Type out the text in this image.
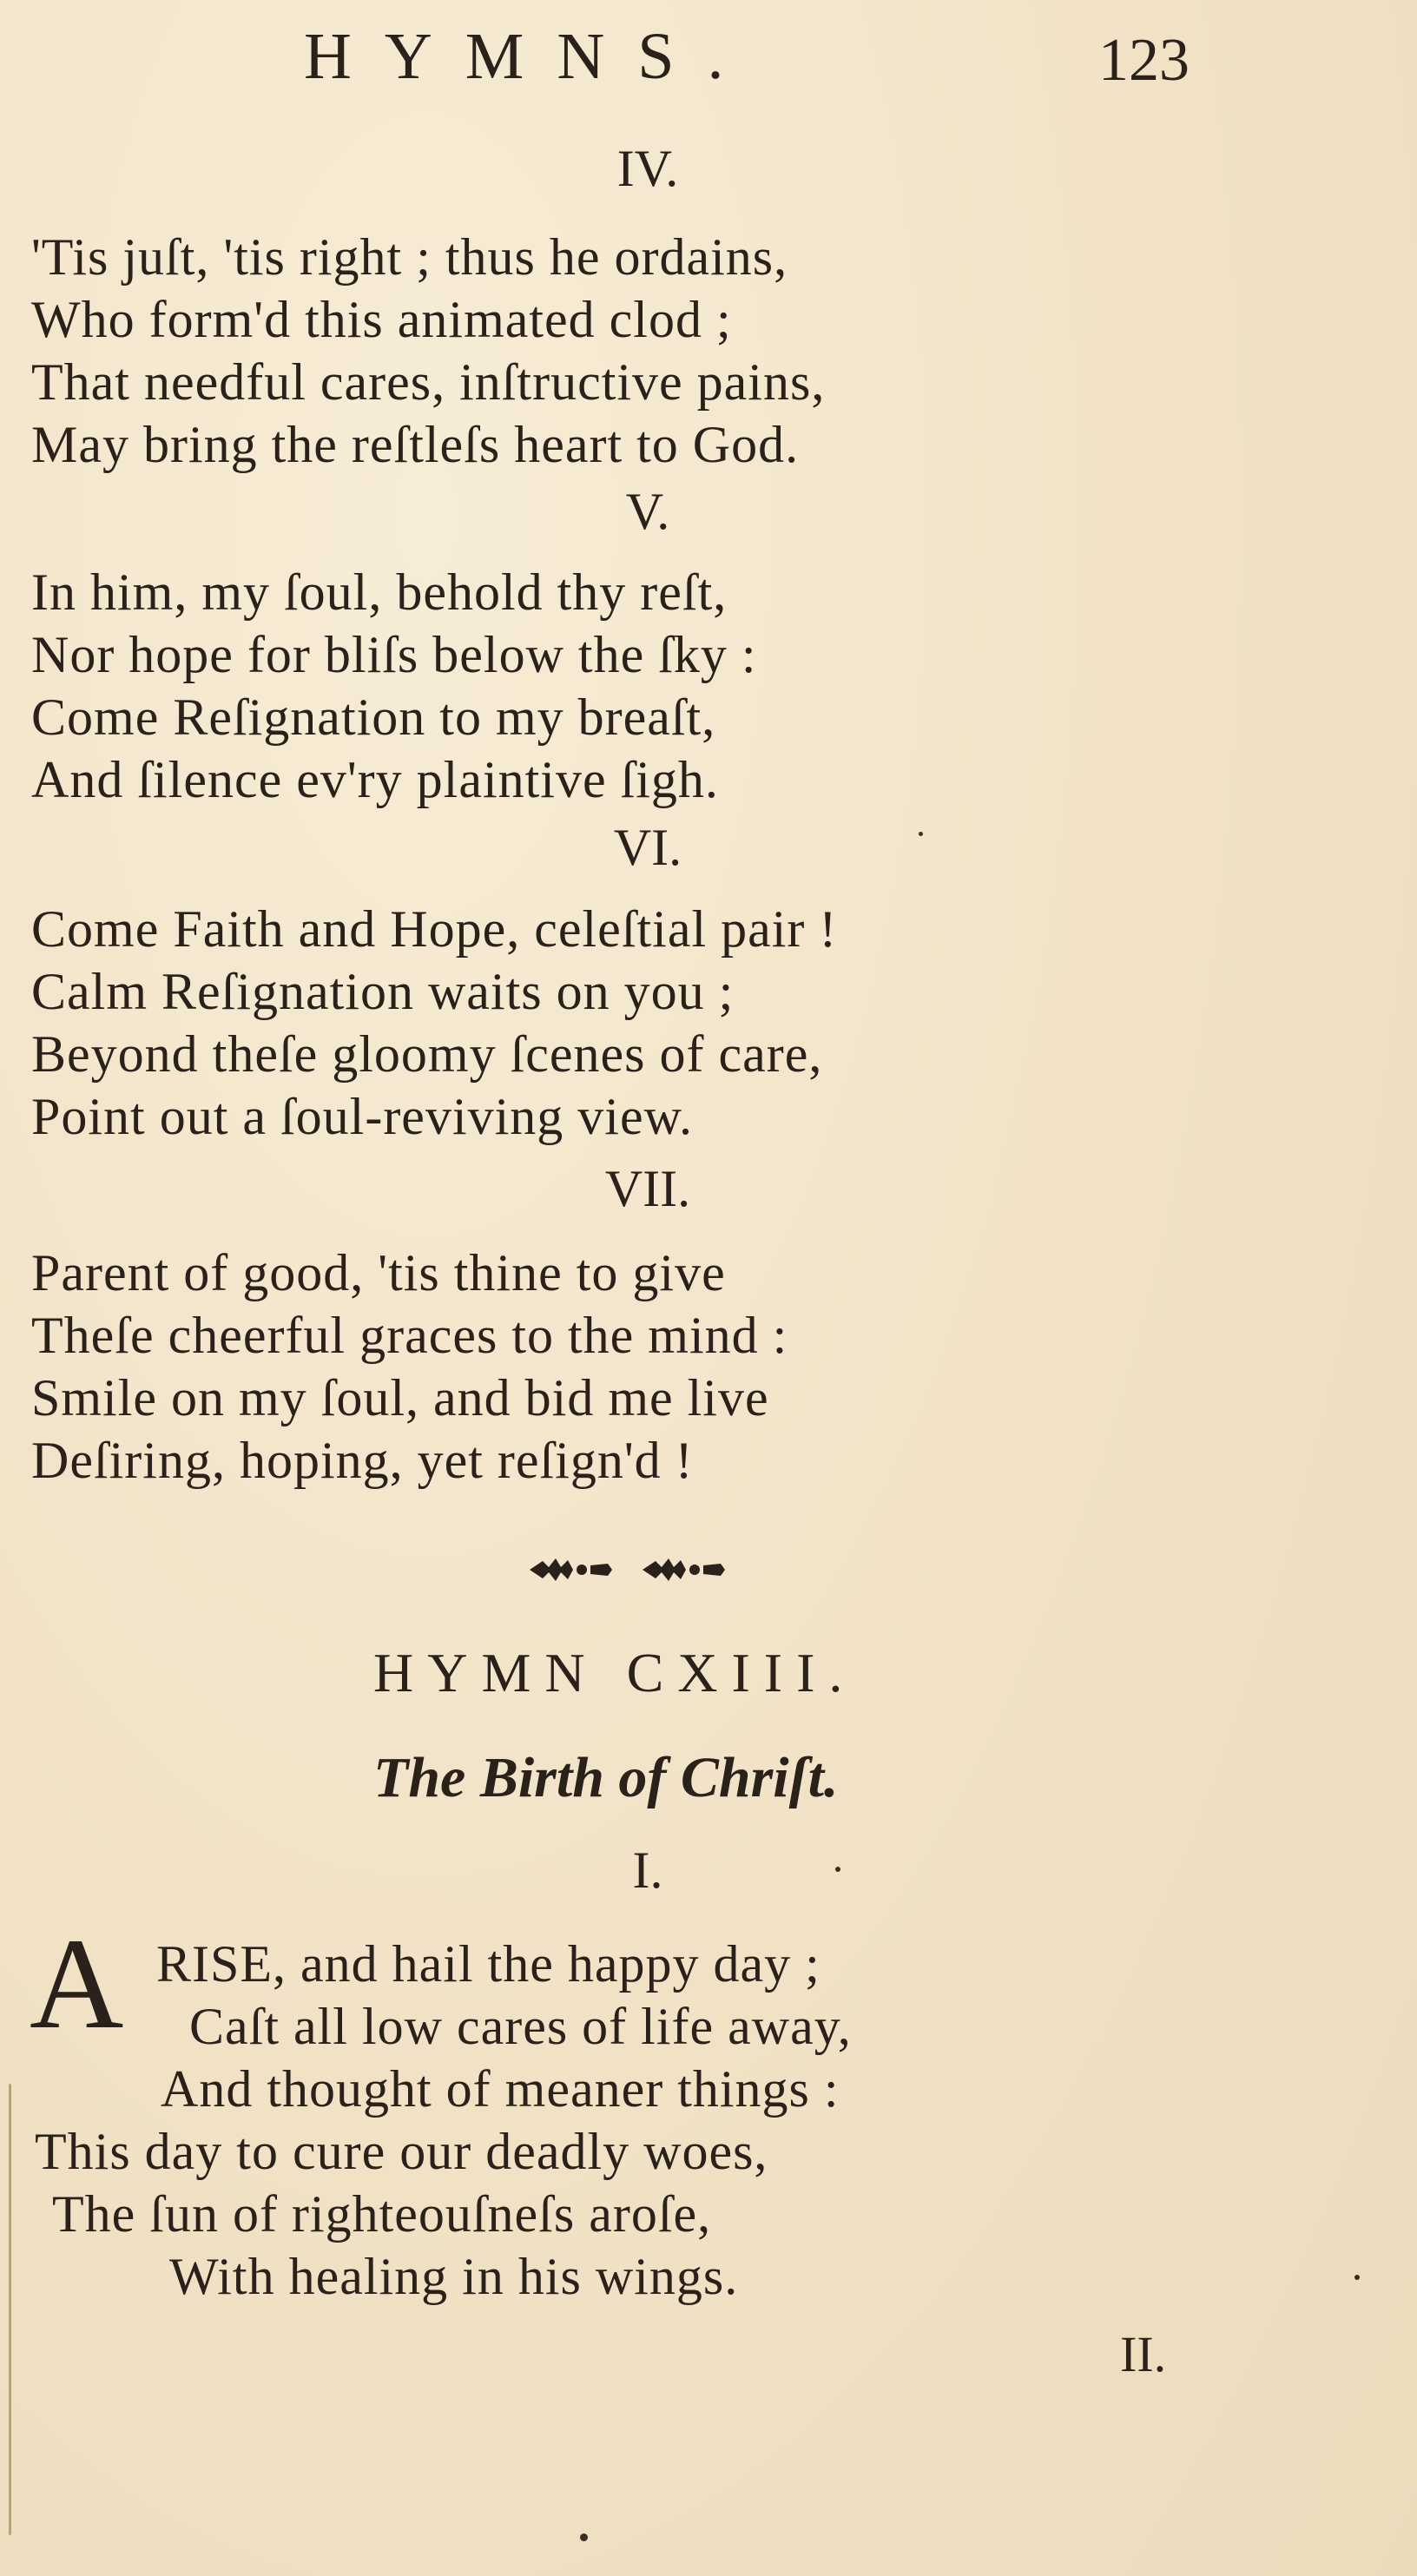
HYMNS.	123
IV.
'Tis juſt, 'tis right ; thus he ordains,
Who form'd this animated clod ;
That needful cares, inſtructive pains,
May bring the reſtleſs heart to God.
V.
In him, my ſoul, behold thy reſt,
Nor hope for bliſs below the ſky :
Come Reſignation to my breaſt,
And ſilence ev'ry plaintive ſigh.
VI.
Come Faith and Hope, celeſtial pair !
Calm Reſignation waits on you ;
Beyond theſe gloomy ſcenes of care,
Point out a ſoul-reviving view.
VII.
Parent of good, 'tis thine to give
Theſe cheerful graces to the mind :
Smile on my ſoul, and bid me live
Deſiring, hoping, yet reſign'd !
HYMN CXIII.
The Birth of Chriſt.
I.
A RISE, and hail the happy day ;
Caſt all low cares of life away,
And thought of meaner things :
This day to cure our deadly woes,
The ſun of righteouſneſs aroſe,
With healing in his wings.
II.
